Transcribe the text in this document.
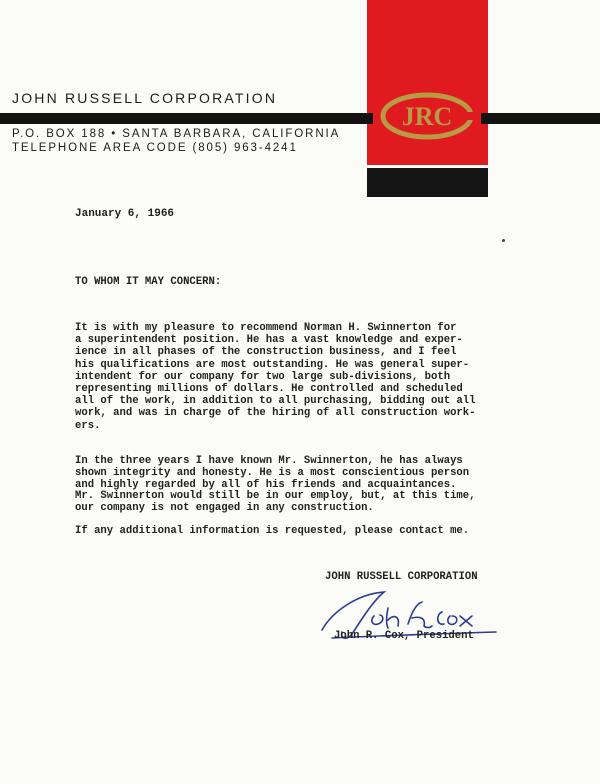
JRC
JOHN RUSSELL CORPORATION
P.O. BOX 188 • SANTA BARBARA, CALIFORNIA
TELEPHONE AREA CODE (805) 963-4241
January 6, 1966
TO WHOM IT MAY CONCERN:
It is with my pleasure to recommend Norman H. Swinnerton for
a superintendent position. He has a vast knowledge and exper-
ience in all phases of the construction business, and I feel
his qualifications are most outstanding. He was general super-
intendent for our company for two large sub-divisions, both
representing millions of dollars. He controlled and scheduled
all of the work, in addition to all purchasing, bidding out all
work, and was in charge of the hiring of all construction work-
ers.
In the three years I have known Mr. Swinnerton, he has always
shown integrity and honesty. He is a most conscientious person
and highly regarded by all of his friends and acquaintances.
Mr. Swinnerton would still be in our employ, but, at this time,
our company is not engaged in any construction.
If any additional information is requested, please contact me.
JOHN RUSSELL CORPORATION
John R. Cox, President
